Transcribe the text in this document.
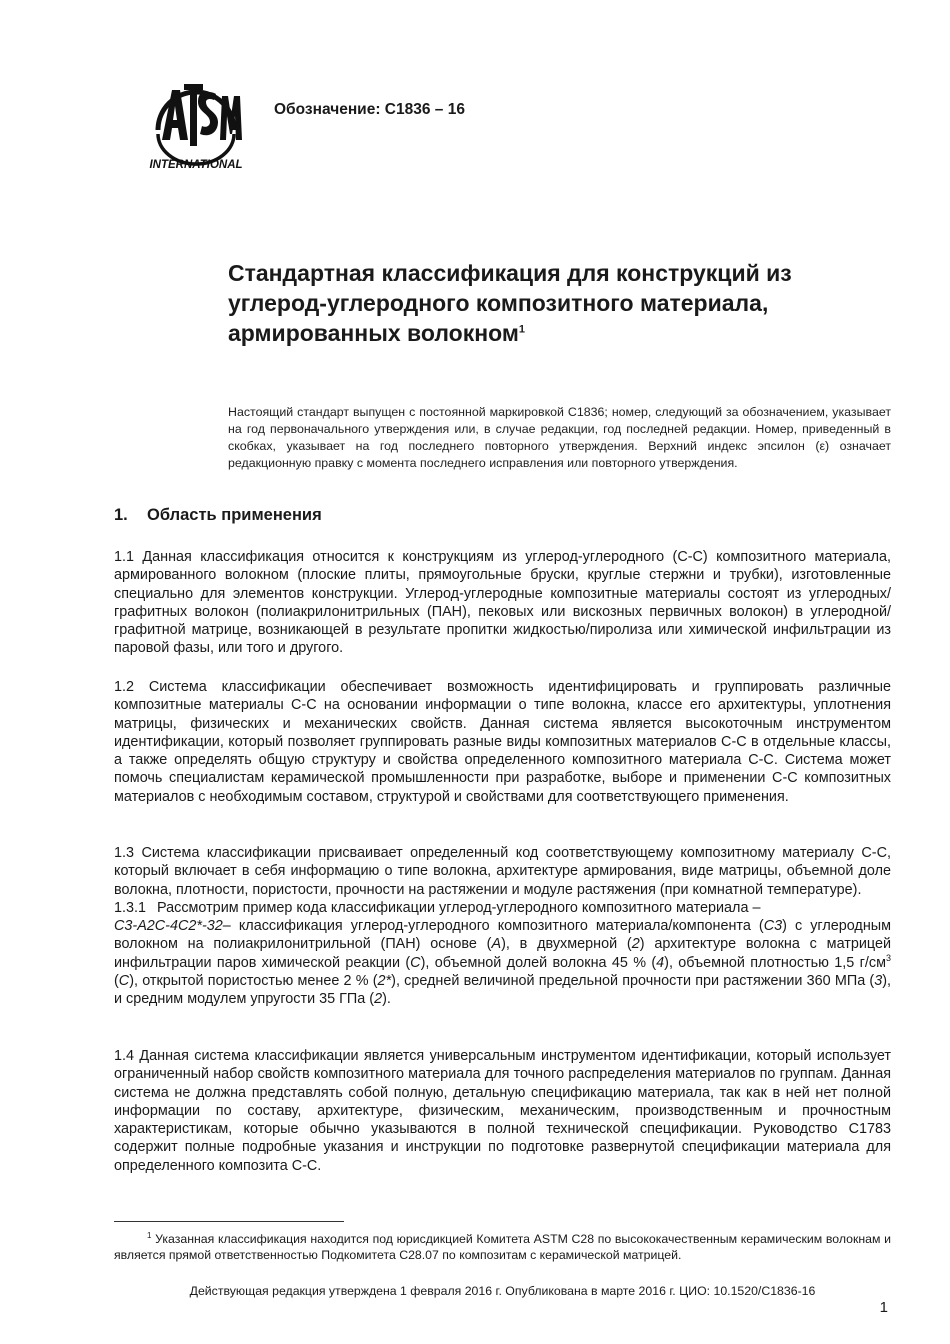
INTERNATIONAL
Обозначение: C1836 – 16
Стандартная классификация для конструкций из
углерод-углеродного композитного материала,
армированных волокном$^1$
Настоящий стандарт выпущен с постоянной маркировкой C1836; номер, следующий за обозначением, указывает на год первоначального утверждения или, в случае редакции, год последней редакции. Номер, приведенный в скобках, указывает на год последнего повторного утверждения. Верхний индекс эпсилон (ε) означает редакционную правку с момента последнего исправления или повторного утверждения.
1. Область применения
1.1 Данная классификация относится к конструкциям из углерод-углеродного (C-C) композитного материала, армированного волокном (плоские плиты, прямоугольные бруски, круглые стержни и трубки), изготовленные специально для элементов конструкции. Углерод-углеродные композитные материалы состоят из углеродных/графитных волокон (полиакрилонитрильных (ПАН), пековых или вискозных первичных волокон) в углеродной/графитной матрице, возникающей в результате пропитки жидкостью/пиролиза или химической инфильтрации из паровой фазы, или того и другого.
1.2 Система классификации обеспечивает возможность идентифицировать и группировать различные композитные материалы C-C на основании информации о типе волокна, классе его архитектуры, уплотнения матрицы, физических и механических свойств. Данная система является высокоточным инструментом идентификации, который позволяет группировать разные виды композитных материалов C-C в отдельные классы, а также определять общую структуру и свойства определенного композитного материала C-C. Система может помочь специалистам керамической промышленности при разработке, выборе и применении C-C композитных материалов с необходимым составом, структурой и свойствами для соответствующего применения.

1.3 Система классификации присваивает определенный код соответствующему композитному материалу C-C, который включает в себя информацию о типе волокна, архитектуре армирования, виде матрицы, объемной доле волокна, плотности, пористости, прочности на растяжении и модуле растяжения (при комнатной температуре).

1.3.1 Рассмотрим пример кода классификации углерод-углеродного композитного материала –

C3-A2C-4C2*-32– классификация углерод-углеродного композитного материала/компонента (C3) с углеродным волокном на полиакрилонитрильной (ПАН) основе (A), в двухмерной (2) архитектуре волокна с матрицей инфильтрации паров химической реакции (C), объемной долей волокна 45 % (4), объемной плотностью 1,5 $г/см^3$ (C), открытой пористостью менее 2 % (2*), средней величиной предельной прочности при растяжении 360 МПа (3), и средним модулем упругости 35 ГПа (2).

1.4 Данная система классификации является универсальным инструментом идентификации, который использует ограниченный набор свойств композитного материала для точного распределения материалов по группам. Данная система не должна представлять собой полную, детальную спецификацию материала, так как в ней нет полной информации по составу, архитектуре, физическим, механическим, производственным и прочностным характеристикам, которые обычно указываются в полной технической спецификации. Руководство C1783 содержит полные подробные указания и инструкции по подготовке развернутой спецификации материала для определенного композита C-C.
$^1$ Указанная классификация находится под юрисдикцией Комитета ASTM C28 по высококачественным керамическим волокнам и является прямой ответственностью Подкомитета C28.07 по композитам с керамической матрицей.
Действующая редакция утверждена 1 февраля 2016 г. Опубликована в марте 2016 г. ЦИО: 10.1520/C1836-16
1
